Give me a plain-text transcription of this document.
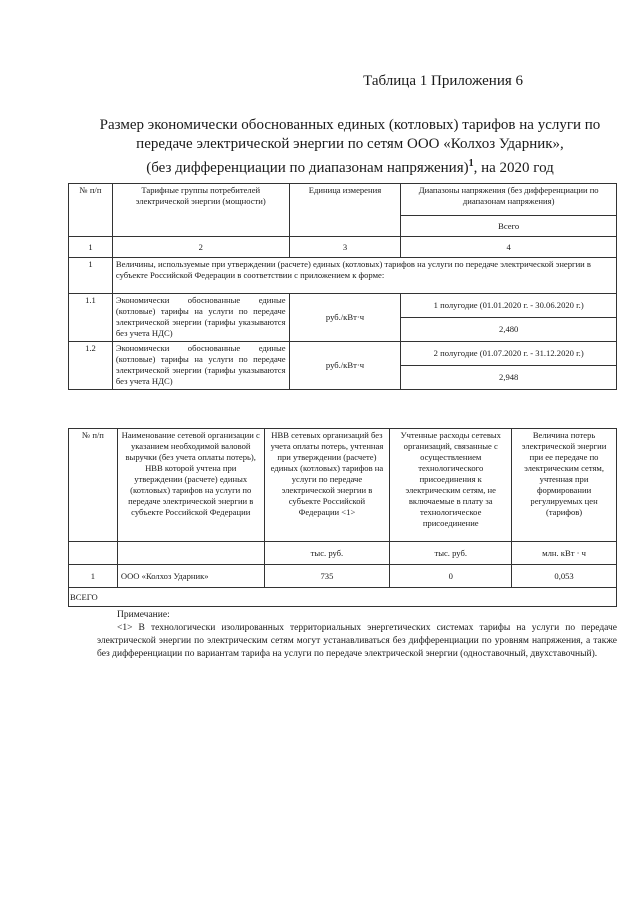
Таблица 1 Приложения 6
Размер экономически обоснованных единых (котловых) тарифов на услуги по
передаче электрической энергии по сетям ООО «Колхоз Ударник»,
(без дифференциации по диапазонам напряжения)$^1$, на 2020 год
№ п/п	Тарифные группы потребителей электрической энергии (мощности)	Единица измерения	Диапазоны напряжения (без дифференциации по диапазонам напряжения)
			Всего
1	2	3	4
1	Величины, используемые при утверждении (расчете) единых (котловых) тарифов на услуги по передаче электрической энергии в субъекте Российской Федерации в соответствии с приложением к форме:		
1.1	Экономически обоснованные единые (котловые) тарифы на услуги по передаче электрической энергии (тарифы указываются без учета НДС)	руб./кВт·ч	1 полугодие (01.01.2020 г. - 30.06.2020 г.)
			2,480
1.2	Экономически обоснованные единые (котловые) тарифы на услуги по передаче электрической энергии (тарифы указываются без учета НДС)	руб./кВт·ч	2 полугодие (01.07.2020 г. - 31.12.2020 г.)
			2,948
№ п/п	Наименование сетевой организации с указанием необходимой валовой выручки (без учета оплаты потерь), НВВ которой учтена при утверждении (расчете) единых (котловых) тарифов на услуги по передаче электрической энергии в субъекте Российской Федерации	НВВ сетевых организаций без учета оплаты потерь, учтенная при утверждении (расчете) единых (котловых) тарифов на услуги по передаче электрической энергии в субъекте Российской Федерации <1>	Учтенные расходы сетевых организаций, связанные с осуществлением технологического присоединения к электрическим сетям, не включаемые в плату за технологическое присоединение	Величина потерь электрической энергии при ее передаче по электрическим сетям, учтенная при формировании регулируемых цен (тарифов)
		тыс. руб.	тыс. руб.	млн. кВт · ч
1	ООО «Колхоз Ударник»	735	0	0,053
ВСЕГО				
Примечание:
<1> В технологически изолированных территориальных энергетических системах тарифы на услуги по передаче электрической энергии по электрическим сетям могут устанавливаться без дифференциации по уровням напряжения, а также без дифференциации по вариантам тарифа на услуги по передаче электрической энергии (одноставочный, двухставочный).
